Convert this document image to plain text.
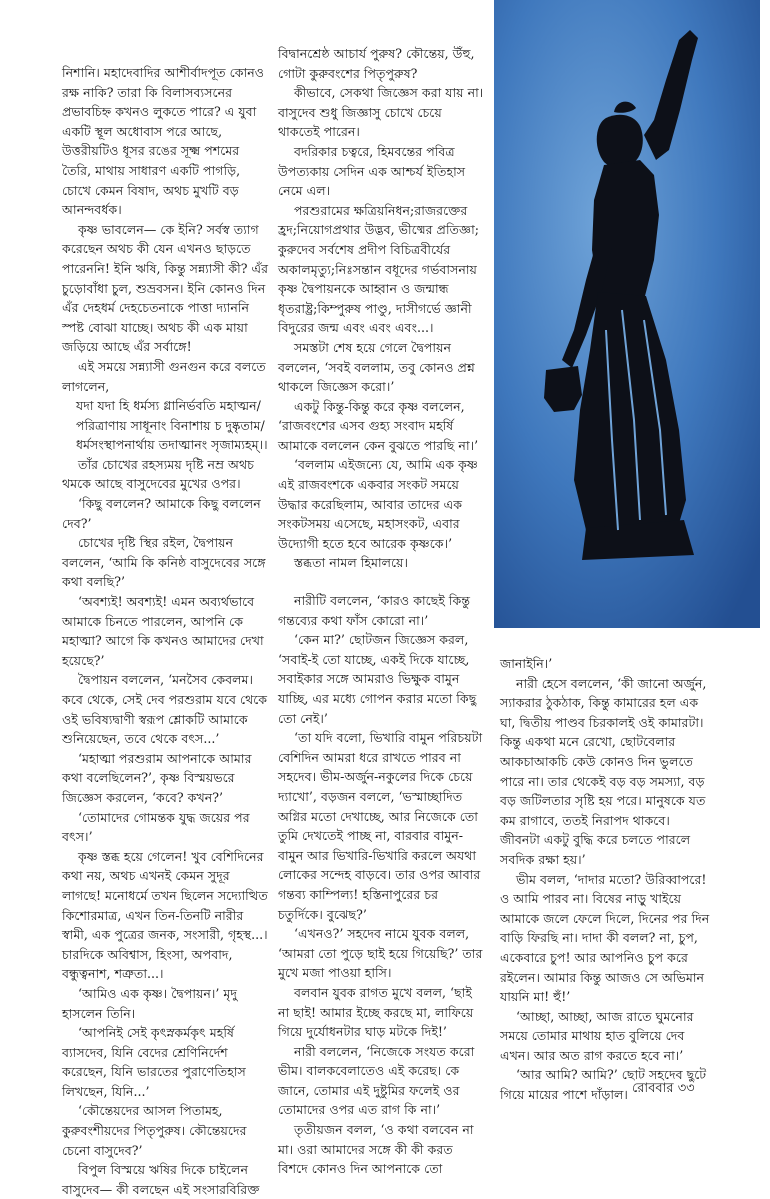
নিশানি। মহাদেবাদির আশীর্বাদপূত কোনও রক্ষ নাকি? তারা কি বিলাসব্যসনের প্রভাবচিহ্ন কখনও লুকতে পারে? এ যুবা একটি স্থূল অধোবাস পরে আছে, উত্তরীয়টিও ধূসর রঙের সূক্ষ্ম পশমের তৈরি, মাথায় সাধারণ একটি পাগড়ি, চোখে কেমন বিষাদ, অথচ মুখটি বড় আনন্দবর্ধক।

কৃষ্ণ ভাবলেন— কে ইনি? সর্বস্ব ত্যাগ করেছেন অথচ কী যেন এখনও ছাড়তে পারেননি! ইনি ঋষি, কিন্তু সন্ন্যাসী কী? এঁর চুড়োবাঁধা চুল, শুভ্রবসন। ইনি কোনও দিন এঁর দেহধর্ম দেহচেতনাকে পাত্তা দ্যাননি স্পষ্ট বোঝা যাচ্ছে। অথচ কী এক মায়া জড়িয়ে আছে এঁর সর্বাঙ্গে!

এই সময়ে সন্ন্যাসী গুনগুন করে বলতে লাগলেন,

যদা যদা হি ধর্মস্য গ্লানির্ভবতি মহাত্মন/ পরিত্রাণায় সাধূনাং বিনাশায় চ দুষ্কৃতাম/ ধর্মসংস্থাপনার্থায় তদাত্মানং সৃজাম্যহম্।।

তাঁর চোখের রহস্যময় দৃষ্টি নম্র অথচ থমকে আছে বাসুদেবের মুখের ওপর।

‘কিছু বললেন? আমাকে কিছু বললেন দেব?’

চোখের দৃষ্টি স্থির রইল, দ্বৈপায়ন বললেন, ‘আমি কি কনিষ্ঠ বাসুদেবের সঙ্গে কথা বলছি?’

‘অবশ্যই! অবশ্যই! এমন অব্যর্থভাবে আমাকে চিনতে পারলেন, আপনি কে মহাত্মা? আগে কি কখনও আমাদের দেখা হয়েছে?’

দ্বৈপায়ন বললেন, ‘মনসৈব কেবলম। কবে থেকে, সেই দেব পরশুরাম যবে থেকে ওই ভবিষ্যদ্বাণী স্বরূপ শ্লোকটি আমাকে শুনিয়েছেন, তবে থেকে বৎস...’

‘মহাত্মা পরশুরাম আপনাকে আমার কথা বলেছিলেন?’, কৃষ্ণ বিস্ময়ভরে জিজ্ঞেস করলেন, ‘কবে? কখন?’

‘তোমাদের গোমন্তক যুদ্ধ জয়ের পর বৎস।’

কৃষ্ণ স্তব্ধ হয়ে গেলেন! খুব বেশিদিনের কথা নয়, অথচ এখনই কেমন সুদূর লাগছে! মনোধর্মে তখন ছিলেন সদ্যোত্থিত কিশোরমাত্র, এখন তিন-তিনটি নারীর স্বামী, এক পুত্রের জনক, সংসারী, গৃহস্থ...। চারদিকে অবিশ্বাস, হিংসা, অপবাদ, বন্ধুত্বনাশ, শত্রুতা...।

‘আমিও এক কৃষ্ণ। দ্বৈপায়ন।’ মৃদু হাসলেন তিনি।

‘আপনিই সেই কৃৎস্নকর্মকৃৎ মহর্ষি ব্যাসদেব, যিনি বেদের শ্রেণিনির্দেশ করেছেন, যিনি ভারতের পুরাণেতিহাস লিখছেন, যিনি...’

‘কৌন্তেয়দের আসল পিতামহ, কুরুবংশীয়দের পিতৃপুরুষ। কৌন্তেয়দের চেনো বাসুদেব?’

বিপুল বিস্ময়ে ঋষির দিকে চাইলেন বাসুদেব— কী বলছেন এই সংসারবিরিক্ত

বিদ্বানশ্রেষ্ঠ আচার্য পুরুষ? কৌন্তেয়, উঁহু, গোটা কুরুবংশের পিতৃপুরুষ?

কীভাবে, সেকথা জিজ্ঞেস করা যায় না। বাসুদেব শুধু জিজ্ঞাসু চোখে চেয়ে থাকতেই পারেন।

বদরিকার চত্বরে, হিমবন্তের পবিত্র উপত্যকায় সেদিন এক আশ্চর্য ইতিহাস নেমে এল।

পরশুরামের ক্ষত্রিয়নিধন;রাজরক্তের হ্রদ;নিয়োগপ্রথার উদ্ভব, ভীষ্মের প্রতিজ্ঞা; কুরুদেব সর্বশেষ প্রদীপ বিচিত্রবীর্যের অকালমৃত্যু;নিঃসন্তান বধূদের গর্ভবাসনায় কৃষ্ণ দ্বৈপায়নকে আহ্বান ও জন্মান্ধ ধৃতরাষ্ট্র;কিম্পুরুষ পাণ্ডু, দাসীগর্ভে জ্ঞানী বিদুরের জন্ম এবং এবং এবং...।

সমস্তটা শেষ হয়ে গেলে দ্বৈপায়ন বললেন, ‘সবই বললাম, তবু কোনও প্রশ্ন থাকলে জিজ্ঞেস করো।’

একটু কিন্তু-কিন্তু করে কৃষ্ণ বললেন, ‘রাজবংশের এসব গুহ্য সংবাদ মহর্ষি আমাকে বললেন কেন বুঝতে পারছি না।’

‘বললাম এইজন্যে যে, আমি এক কৃষ্ণ এই রাজবংশকে একবার সংকট সময়ে উদ্ধার করেছিলাম, আবার তাদের এক সংকটসময় এসেছে, মহাসংকট, এবার উদ্যোগী হতে হবে আরেক কৃষ্ণকে।’

স্তব্ধতা নামল হিমালয়ে।

নারীটি বললেন, ‘কারও কাছেই কিন্তু গন্তব্যের কথা ফাঁস কোরো না।’

‘কেন মা?’ ছোটজন জিজ্ঞেস করল, ‘সবাই-ই তো যাচ্ছে, একই দিকে যাচ্ছে, সবাইকার সঙ্গে আমরাও ভিক্ষুক বামুন যাচ্ছি, এর মধ্যে গোপন করার মতো কিছু তো নেই।’

‘তা যদি বলো, ভিখারি বামুন পরিচয়টা বেশিদিন আমরা ধরে রাখতে পারব না সহদেব। ভীম-অর্জুন-নকুলের দিকে চেয়ে দ্যাখো’, বড়জন বললে, ‘ভস্মাচ্ছাদিত অগ্নির মতো দেখাচ্ছে, আর নিজেকে তো তুমি দেখতেই পাচ্ছ না, বারবার বামুন-বামুন আর ভিখারি-ভিখারি করলে অযথা লোকের সন্দেহ বাড়বে। তার ওপর আবার গন্তব্য কাম্পিল্য! হস্তিনাপুরের চর চতুর্দিকে। বুঝেছ?’

‘এখনও?’ সহদেব নামে যুবক বলল, ‘আমরা তো পুড়ে ছাই হয়ে গিয়েছি?’ তার মুখে মজা পাওয়া হাসি।

বলবান যুবক রাগত মুখে বলল, ‘ছাই না ছাই! আমার ইচ্ছে করছে মা, লাফিয়ে গিয়ে দুর্যোধনটার ঘাড় মটকে দিই!’

নারী বললেন, ‘নিজেকে সংযত করো ভীম। বালকবেলাতেও এই করেছ। কে জানে, তোমার এই দুষ্টুমির ফলেই ওর তোমাদের ওপর এত রাগ কি না।’

তৃতীয়জন বলল, ‘ও কথা বলবেন না মা। ওরা আমাদের সঙ্গে কী কী করত বিশদে কোনও দিন আপনাকে তো

জানাইনি।’

নারী হেসে বললেন, ‘কী জানো অর্জুন, স্যাকরার ঠুকঠাক, কিন্তু কামারের হল এক ঘা, দ্বিতীয় পাণ্ডব চিরকালই ওই কামারটা। কিন্তু একথা মনে রেখো, ছোটবেলার আকচাআকচি কেউ কোনও দিন ভুলতে পারে না। তার থেকেই বড় বড় সমস্যা, বড় বড় জটিলতার সৃষ্টি হয় পরে। মানুষকে যত কম রাগাবে, ততই নিরাপদ থাকবে। জীবনটা একটু বুদ্ধি করে চলতে পারলে সবদিক রক্ষা হয়।’

ভীম বলল, ‘দাদার মতো? উরিব্বাপরে! ও আমি পারব না। বিষের নাড়ু খাইয়ে আমাকে জলে ফেলে দিলে, দিনের পর দিন বাড়ি ফিরছি না। দাদা কী বলল? না, চুপ, একেবারে চুপ! আর আপনিও চুপ করে রইলেন। আমার কিন্তু আজও সে অভিমান যায়নি মা! হুঁ!’

‘আচ্ছা, আচ্ছা, আজ রাতে ঘুমনোর সময়ে তোমার মাথায় হাত বুলিয়ে দেব এখন। আর অত রাগ করতে হবে না।’

‘আর আমি? আমি?’ ছোট সহদেব ছুটে গিয়ে মায়ের পাশে দাঁড়াল। রোববার ৩৩
